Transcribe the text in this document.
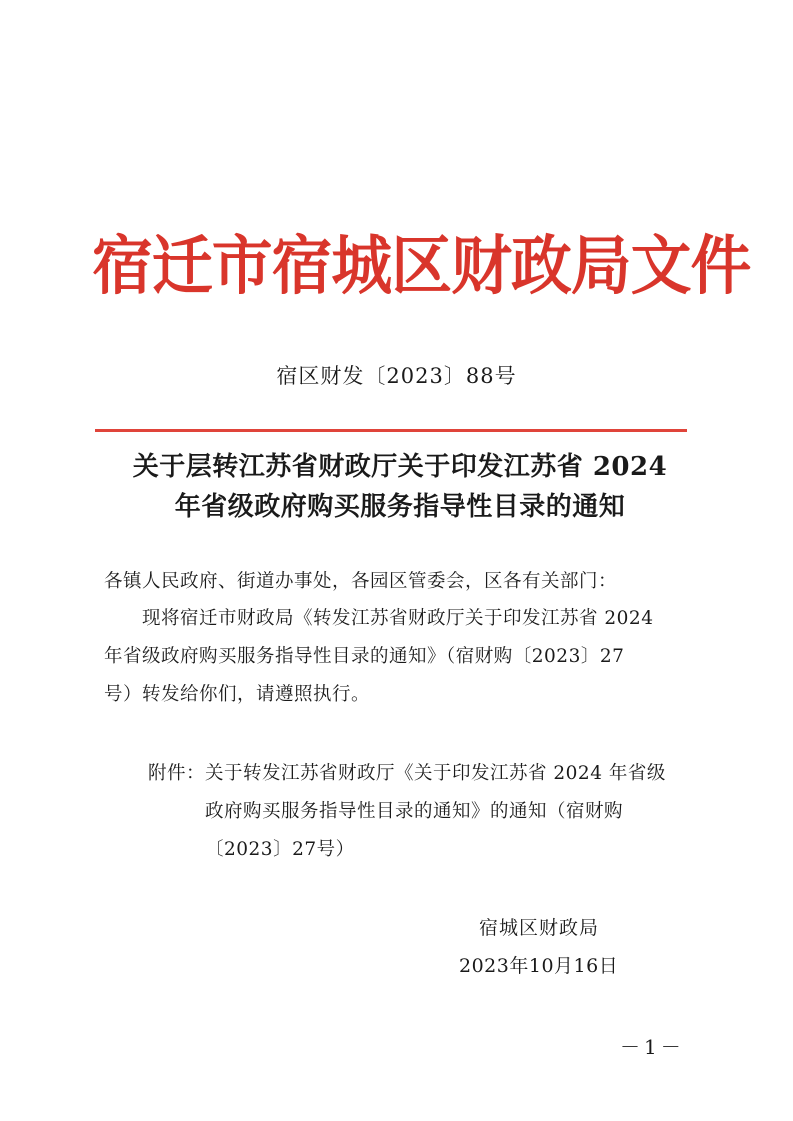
宿迁市宿城区财政局文件
宿区财发〔2023〕88号
关于层转江苏省财政厅关于印发江苏省 2024
年省级政府购买服务指导性目录的通知
各镇人民政府、街道办事处，各园区管委会，区各有关部门：
现将宿迁市财政局《转发江苏省财政厅关于印发江苏省 2024
年省级政府购买服务指导性目录的通知》（宿财购〔2023〕27
号）转发给你们，请遵照执行。
附件：关于转发江苏省财政厅《关于印发江苏省 2024 年省级
政府购买服务指导性目录的通知》的通知（宿财购
〔2023〕27号）
宿城区财政局
2023年10月16日
－1－
